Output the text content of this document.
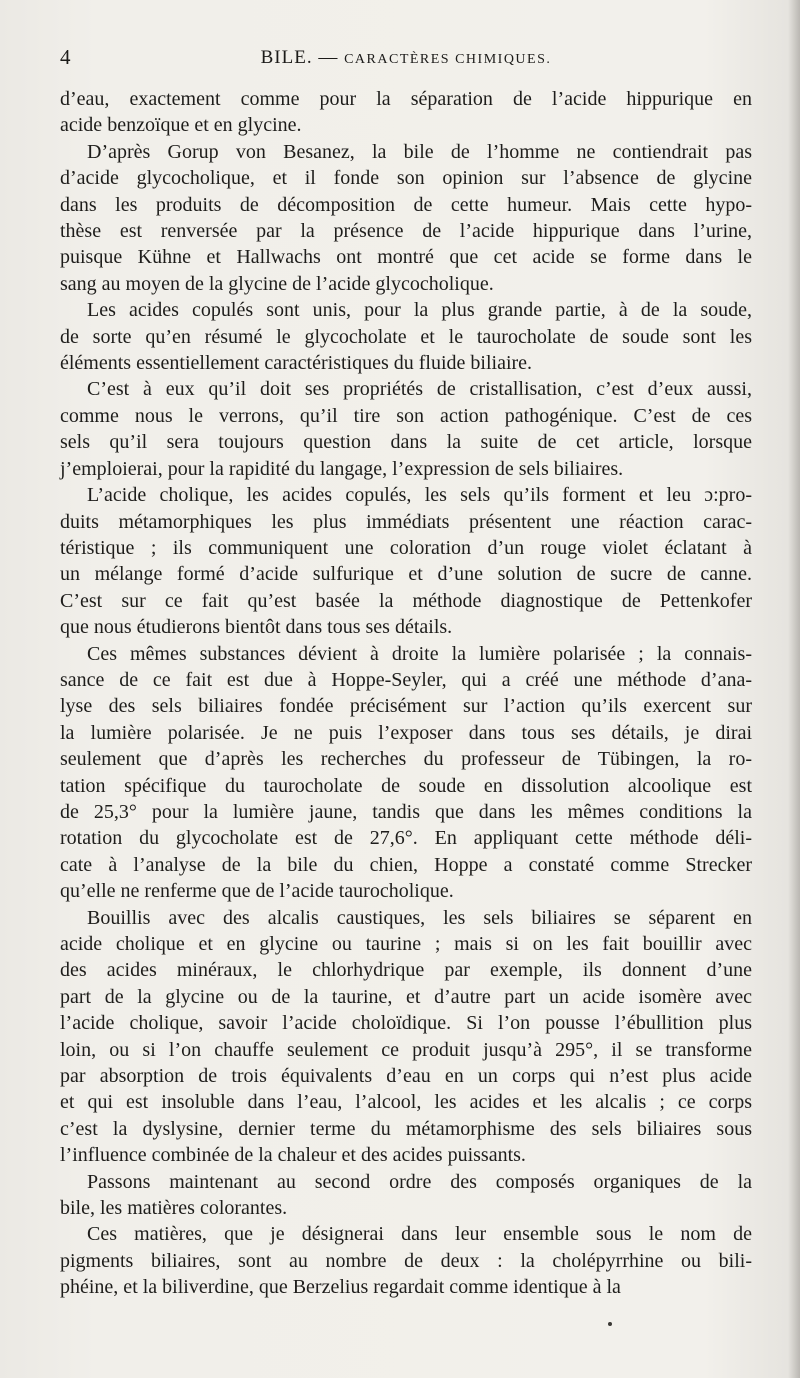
4	BILE. — CARACTÈRES CHIMIQUES.
d’eau, exactement comme pour la séparation de l’acide hippurique en
acide benzoïque et en glycine.
D’après Gorup von Besanez, la bile de l’homme ne contiendrait pas
d’acide glycocholique, et il fonde son opinion sur l’absence de glycine
dans les produits de décomposition de cette humeur. Mais cette hypo-
thèse est renversée par la présence de l’acide hippurique dans l’urine,
puisque Kühne et Hallwachs ont montré que cet acide se forme dans le
sang au moyen de la glycine de l’acide glycocholique.
Les acides copulés sont unis, pour la plus grande partie, à de la soude,
de sorte qu’en résumé le glycocholate et le taurocholate de soude sont les
éléments essentiellement caractéristiques du fluide biliaire.
C’est à eux qu’il doit ses propriétés de cristallisation, c’est d’eux aussi,
comme nous le verrons, qu’il tire son action pathogénique. C’est de ces
sels qu’il sera toujours question dans la suite de cet article, lorsque
j’emploierai, pour la rapidité du langage, l’expression de sels biliaires.
L’acide cholique, les acides copulés, les sels qu’ils forment et leu ɔ:pro-
duits métamorphiques les plus immédiats présentent une réaction carac-
téristique ; ils communiquent une coloration d’un rouge violet éclatant à
un mélange formé d’acide sulfurique et d’une solution de sucre de canne.
C’est sur ce fait qu’est basée la méthode diagnostique de Pettenkofer
que nous étudierons bientôt dans tous ses détails.
Ces mêmes substances dévient à droite la lumière polarisée ; la connais-
sance de ce fait est due à Hoppe-Seyler, qui a créé une méthode d’ana-
lyse des sels biliaires fondée précisément sur l’action qu’ils exercent sur
la lumière polarisée. Je ne puis l’exposer dans tous ses détails, je dirai
seulement que d’après les recherches du professeur de Tübingen, la ro-
tation spécifique du taurocholate de soude en dissolution alcoolique est
de 25,3° pour la lumière jaune, tandis que dans les mêmes conditions la
rotation du glycocholate est de 27,6°. En appliquant cette méthode déli-
cate à l’analyse de la bile du chien, Hoppe a constaté comme Strecker
qu’elle ne renferme que de l’acide taurocholique.
Bouillis avec des alcalis caustiques, les sels biliaires se séparent en
acide cholique et en glycine ou taurine ; mais si on les fait bouillir avec
des acides minéraux, le chlorhydrique par exemple, ils donnent d’une
part de la glycine ou de la taurine, et d’autre part un acide isomère avec
l’acide cholique, savoir l’acide choloïdique. Si l’on pousse l’ébullition plus
loin, ou si l’on chauffe seulement ce produit jusqu’à 295°, il se transforme
par absorption de trois équivalents d’eau en un corps qui n’est plus acide
et qui est insoluble dans l’eau, l’alcool, les acides et les alcalis ; ce corps
c’est la dyslysine, dernier terme du métamorphisme des sels biliaires sous
l’influence combinée de la chaleur et des acides puissants.
Passons maintenant au second ordre des composés organiques de la
bile, les matières colorantes.
Ces matières, que je désignerai dans leur ensemble sous le nom de
pigments biliaires, sont au nombre de deux : la cholépyrrhine ou bili-
phéine, et la biliverdine, que Berzelius regardait comme identique à la
